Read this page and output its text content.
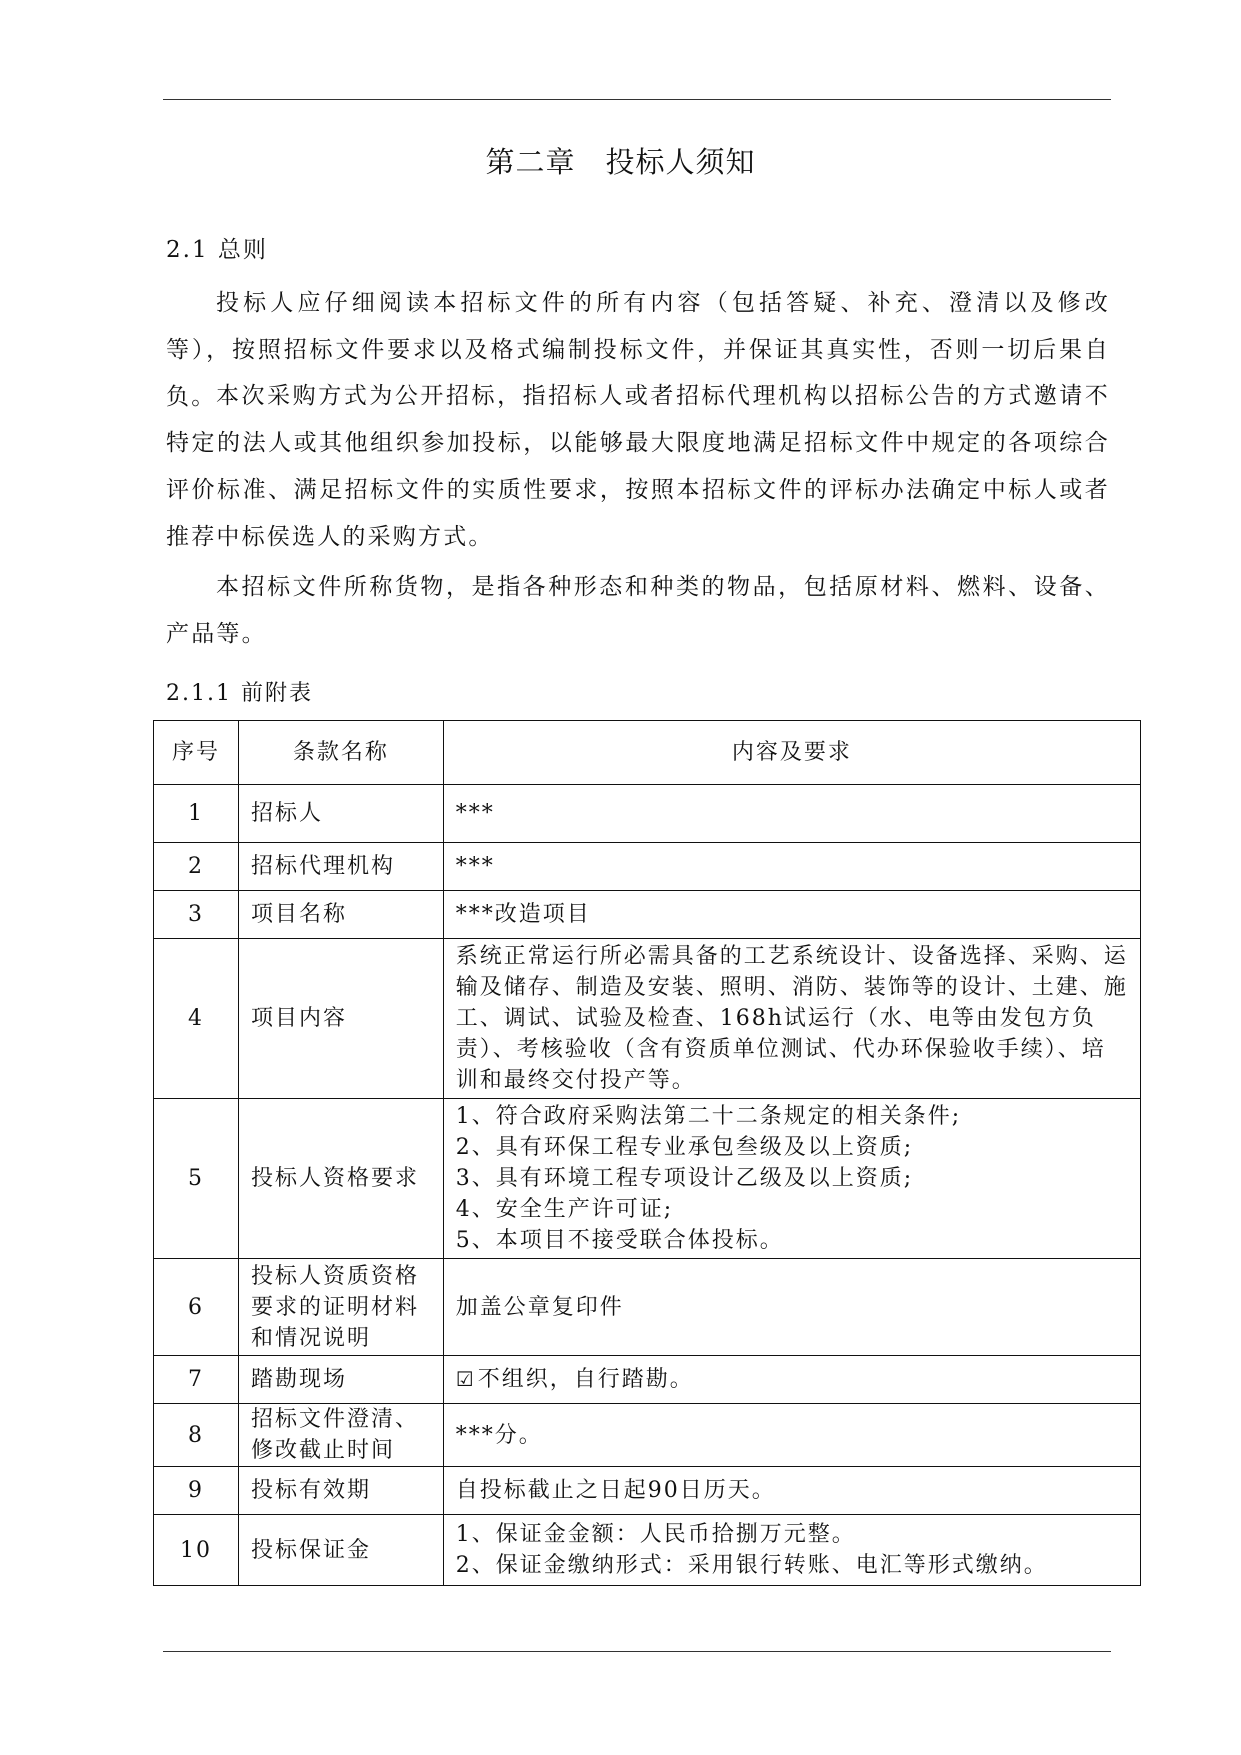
第二章　投标人须知
2.1 总则

投标人应仔细阅读本招标文件的所有内容（包括答疑、补充、澄清以及修改等），按照招标文件要求以及格式编制投标文件，并保证其真实性，否则一切后果自负。 本次采购方式为公开招标，指招标人或者招标代理机构以招标公告的方式邀请不特定的法人或其他组织参加投标，以能够最大限度地满足招标文件中规定的各项综合评价标准、满足招标文件的实质性要求，按照本招标文件的评标办法确定中标人或者推荐中标侯选人的采购方式。

本招标文件所称货物，是指各种形态和种类的物品，包括原材料、燃料、设备、产品等。

2.1.1 前附表
序号	条款名称	内容及要求
1	招标人	***

2	招标代理机构	***

3	项目名称	***改造项目

4	项目内容	系统正常运行所必需具备的工艺系统设计、设备选择、采购、运输及储存、制造及安装、照明、消防、装饰等的设计、土建、施工、调试、试验及检查、168h试运行（水、电等由发包方负责）、考核验收（含有资质单位测试、代办环保验收手续）、培训和最终交付投产等。

5	投标人资格要求	1、符合政府采购法第二十二条规定的相关条件;
2、具有环保工程专业承包叁级及以上资质;
3、具有环境工程专项设计乙级及以上资质;
4、安全生产许可证;
5、本项目不接受联合体投标。

6	投标人资质资格要求的证明材料和情况说明	加盖公章复印件

7	踏勘现场	☑不组织，自行踏勘。
8	招标文件澄清、修改截止时间	***分。

9	投标有效期	自投标截止之日起90日历天。

10	投标保证金	1、保证金金额：人民币拾捌万元整。
2、保证金缴纳形式：采用银行转账、电汇等形式缴纳。
